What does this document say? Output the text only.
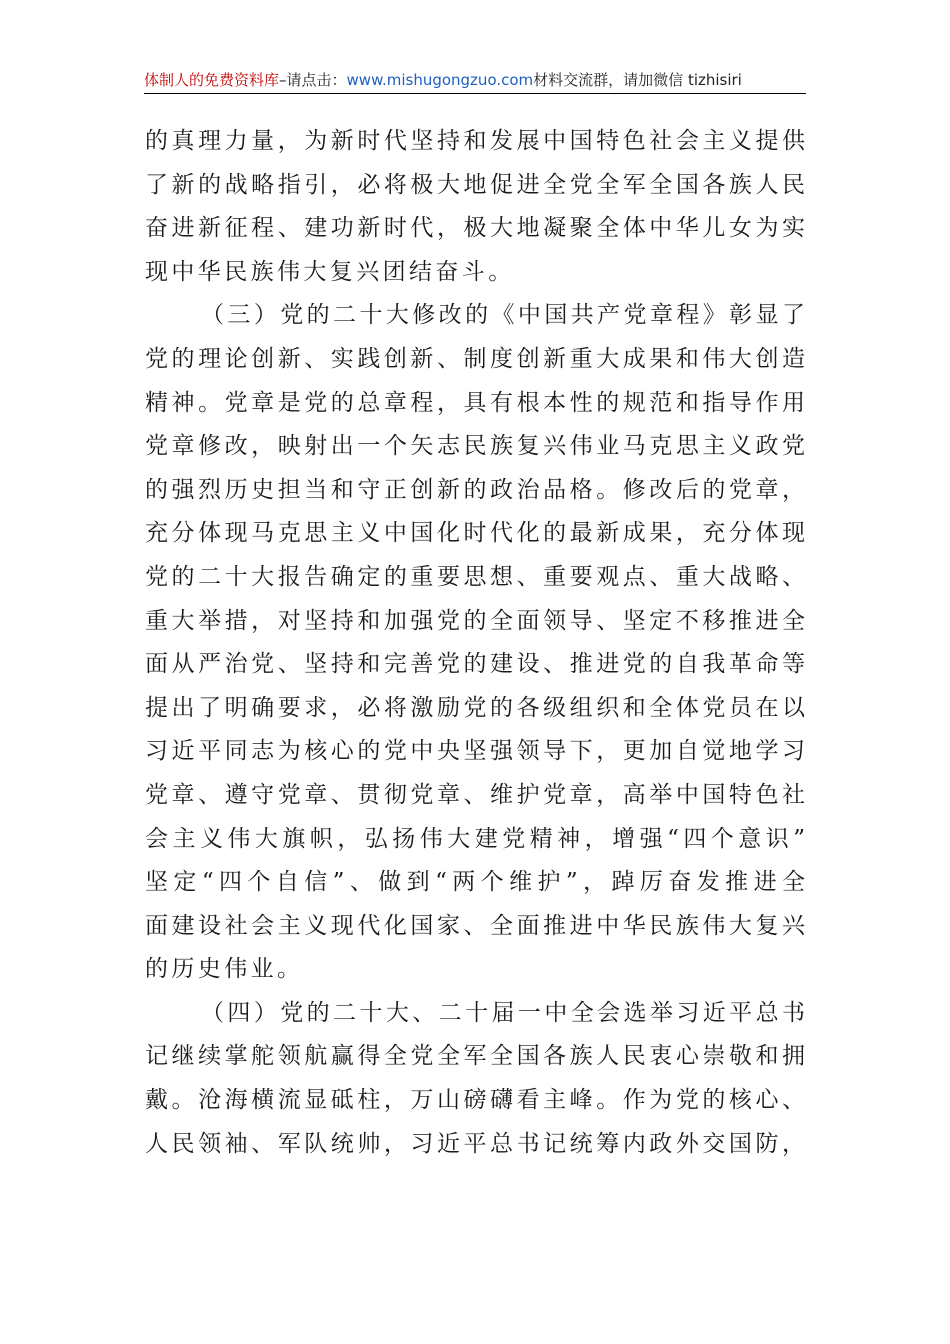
体制人的免费资料库–请点击：www.mishugongzuo.com材料交流群，请加微信 tizhisiri
的真理力量，为新时代坚持和发展中国特色社会主义提供
了新的战略指引，必将极大地促进全党全军全国各族人民
奋进新征程、建功新时代，极大地凝聚全体中华儿女为实
现中华民族伟大复兴团结奋斗。
（三）党的二十大修改的《中国共产党章程》彰显了
党的理论创新、实践创新、制度创新重大成果和伟大创造
精神。党章是党的总章程，具有根本性的规范和指导作用
党章修改，映射出一个矢志民族复兴伟业马克思主义政党
的强烈历史担当和守正创新的政治品格。修改后的党章，
充分体现马克思主义中国化时代化的最新成果，充分体现
党的二十大报告确定的重要思想、重要观点、重大战略、
重大举措，对坚持和加强党的全面领导、坚定不移推进全
面从严治党、坚持和完善党的建设、推进党的自我革命等
提出了明确要求，必将激励党的各级组织和全体党员在以
习近平同志为核心的党中央坚强领导下，更加自觉地学习
党章、遵守党章、贯彻党章、维护党章，高举中国特色社
会主义伟大旗帜，弘扬伟大建党精神，增强“四个意识”
坚定“四个自信”、做到“两个维护”，踔厉奋发推进全
面建设社会主义现代化国家、全面推进中华民族伟大复兴
的历史伟业。
（四）党的二十大、二十届一中全会选举习近平总书
记继续掌舵领航赢得全党全军全国各族人民衷心崇敬和拥
戴。沧海横流显砥柱，万山磅礴看主峰。作为党的核心、
人民领袖、军队统帅，习近平总书记统筹内政外交国防，
